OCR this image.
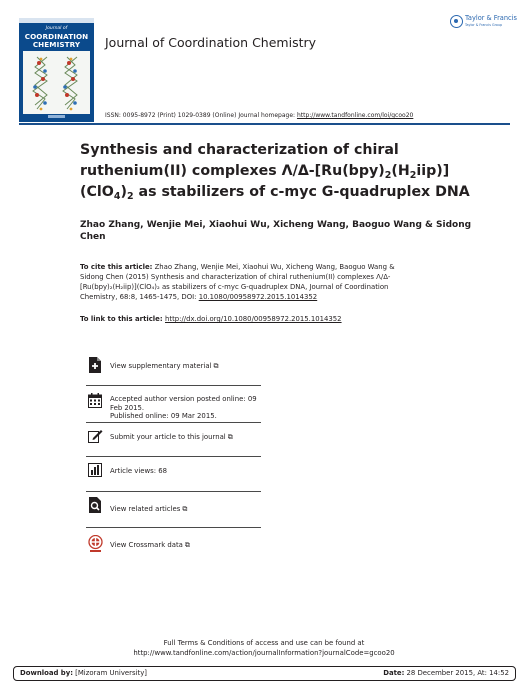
Journal of
COORDINATION
CHEMISTRY	Journal of Coordination Chemistry
Taylor & Francis
Taylor & Francis Group
ISSN: 0095-8972 (Print) 1029-0389 (Online) Journal homepage: http://www.tandfonline.com/loi/gcoo20
Synthesis and characterization of chiral
ruthenium(II) complexes $\Lambda/\Delta-[Ru(bpy)_2(H_2iip)]$
$(ClO_4)_2$ as stabilizers of c-myc G-quadruplex DNA
Zhao Zhang, Wenjie Mei, Xiaohui Wu, Xicheng Wang, Baoguo Wang & Sidong
Chen
To cite this article: Zhao Zhang, Wenjie Mei, Xiaohui Wu, Xicheng Wang, Baoguo Wang &
Sidong Chen (2015) Synthesis and characterization of chiral ruthenium(II) complexes Λ/Δ-
[Ru(bpy)₂(H₂iip)](ClO₄)₂ as stabilizers of c-myc G-quadruplex DNA, Journal of Coordination
Chemistry, 68:8, 1465-1475, DOI: 10.1080/00958972.2015.1014352
To link to this article: http://dx.doi.org/10.1080/00958972.2015.1014352
View supplementary material ⧉
Accepted author version posted online: 09
Feb 2015.
Published online: 09 Mar 2015.
Submit your article to this journal ⧉
Article views: 68
View related articles ⧉
View Crossmark data ⧉
Full Terms & Conditions of access and use can be found at
http://www.tandfonline.com/action/journalInformation?journalCode=gcoo20
Download by: [Mizoram University]	Date: 28 December 2015, At: 14:52
